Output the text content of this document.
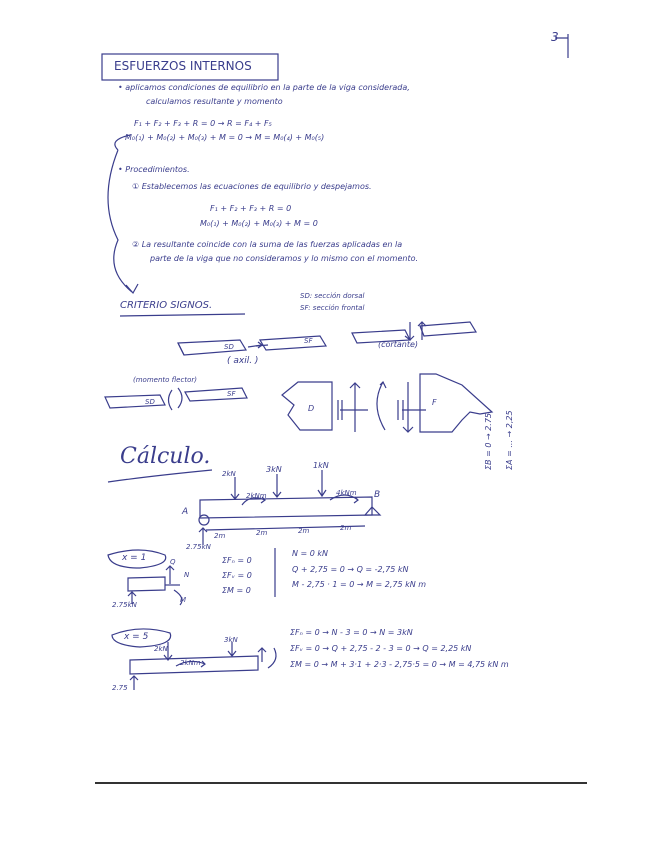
3
ESFUERZOS INTERNOS
• aplicamos condiciones de equilibrio en la parte de la viga considerada,
calculamos resultante y momento
F₁ + F₂ + F₃ + R = 0 → R = F₄ + F₅
M₀(₁) + M₀(₂) + M₀(₃) + M = 0 → M = M₀(₄) + M₀(₅)
• Procedimientos.
① Establecemos las ecuaciones de equilibrio y despejamos.
F₁ + F₂ + F₃ + R = 0
M₀(₁) + M₀(₂) + M₀(₃) + M = 0
② La resultante coincide con la suma de las fuerzas aplicadas en la
parte de la viga que no consideramos y lo mismo con el momento.
CRITERIO SIGNOS.
SD: sección dorsal
SF: sección frontal
SD
SF
( axil. )
(cortante)
(momento flector)
SD
SF
D
F
ΣB = 0 → 2.75 ΣA = ... → 2,25
Cálculo.
2kN	3kN	1kN
2kNm	4kNm
A
B
2m	2m	2m	2m
2.75kN
x = 1	Q
N
M
2.75kN
ΣFₙ = 0
ΣFᵥ = 0
ΣM = 0
N = 0 kN
Q + 2,75 = 0 → Q = -2,75 kN
M - 2,75 · 1 = 0 → M = 2,75 kN m
x = 5
2kN
3kN
2kNm
2.75
ΣFₙ = 0 → N - 3 = 0 → N = 3kN
ΣFᵥ = 0 → Q + 2,75 - 2 - 3 = 0 → Q = 2,25 kN
ΣM = 0 → M + 3·1 + 2·3 - 2,75·5 = 0 → M = 4,75 kN m
